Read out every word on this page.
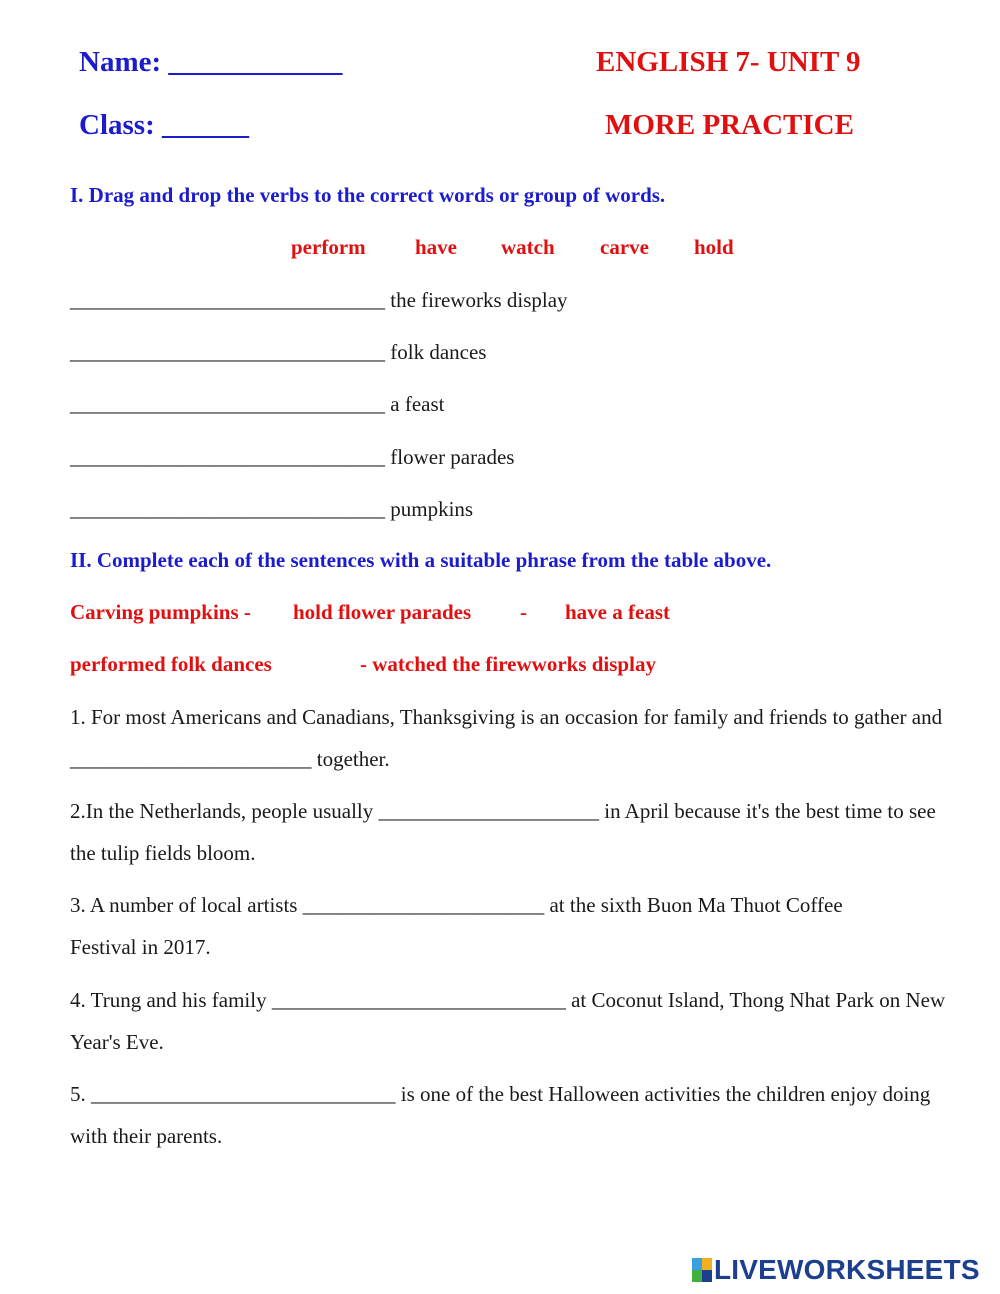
Name: ____________
Class: ______
ENGLISH 7- UNIT 9
MORE PRACTICE
I. Drag and drop the verbs to the correct words or group of words.
perform have watch carve hold
______________________________ the fireworks display
______________________________ folk dances
______________________________ a feast
______________________________ flower parades
______________________________ pumpkins
II. Complete each of the sentences with a suitable phrase from the table above.
Carving pumpkins - hold flower parades - have a feast
performed folk dances	- watched the firewworks display
1. For most Americans and Canadians, Thanksgiving is an occasion for family and friends to gather and _______________________ together.
2.In the Netherlands, people usually _____________________ in April because it's the best time to see the tulip fields bloom.
3. A number of local artists _______________________ at the sixth Buon Ma Thuot Coffee Festival in 2017.
4. Trung and his family ____________________________ at Coconut Island, Thong Nhat Park on New Year's Eve.
5. _____________________________ is one of the best Halloween activities the children enjoy doing with their parents.
LIVEWORKSHEETS
